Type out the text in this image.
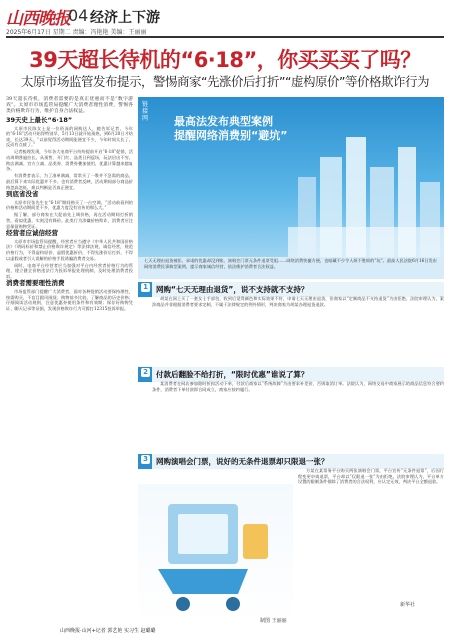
山西晚报
04 经济上下游
2025年6月17日 星期二 责编：冯艳艳 美编：王丽丽
39天超长待机的“6·18”，你买买买了吗？
太原市场监管发布提示，警惕商家“先涨价后打折”“虚构原价”等价格欺诈行为
39天超长待机，消费者需要的是真正优惠而不是“数字游戏”。太原市市场监管局提醒广大消费者理性消费，警惕各类价格欺诈行为，维护自身合法权益。
39天史上最长“6·18”

太原市民陈女士是一位资深的网购达人，她告诉记者，今年的“6·18”活动开始得特别早，5月13日就开始预热，到6月20日才结束，长达39天。“以前觉得活动期间能便宜不少，今年时间太长了，反而有点疲了。”

记者梳理发现，今年各大电商平台纷纷提前开启“6·18”促销，活动周期普遍拉长，从预售、开门红、品类日到返场，玩法层出不穷。跨店满减、官方立减、品类券、消费券叠加使用，优惠计算越来越复杂。

有消费者表示，为了凑单满减，常常买了一堆并不急需的商品，最后算下来实际优惠并不多。也有消费者反映，活动期间部分商品价格忽高忽低，难以判断是否真正便宜。

到底省没省

太原市民张先生在“6·18”期间购买了一台空调，“活动前看到的价格和活动期间差不多，优惠力度没有宣传的那么大。”

据了解，部分商家在大促前先上调价格，再在活动期间打折销售，看似优惠，实则没有降价。此类行为涉嫌价格欺诈，消费者应注意保留购物凭证。

经营者应诚信经营

太原市市场监管局提醒，经营者应当遵守《中华人民共和国价格法》《明码标价和禁止价格欺诈规定》等法律法规，诚信经营，规范价格行为，不得虚构原价、虚假优惠折价，不得先涨价后打折，不得以虚假或者引人误解的价格手段诱骗消费者交易。

同时，电商平台经营者应当加强对平台内经营者价格行为的管理，建立健全价格违法行为投诉举报处理机制，及时处理消费者投诉。

消费者需要理性消费

市场监管部门提醒广大消费者，面对各种促销活动要保持理性，按需购买，不盲目跟风囤货；购物前多比较，了解商品的历史价格；仔细阅读活动规则，注意优惠券使用条件和有效期；保存好购物凭证、聊天记录等证据，发现价格欺诈行为可拨打12315投诉举报。

山西晚报·山河+记者 郭艺艳 实习生 赵璐璐
链接网 最高法发布典型案例
提醒网络消费别“避坑”
七天无理由退货被拒、承诺的优惠却没到账、演唱会门票无条件退票受阻……网络消费快捷方便，也暗藏不少令人烦不胜烦的“坑”。最高人民法院6月16日发布网络消费民事典型案例，提示商家诚信经营，依法维护消费者合法权益。
1	网购“七天无理由退货”，说不支持就不支持？

胡某在网上买了一套女士手部包，收到后觉得颜色和实际效果不符，申请七天无理由退货，但商家以“定制商品不支持退货”为由拒绝。法院审理认为，案涉商品并非根据消费者要求定制，不属于法律规定的例外情形，判决商家为胡某办理退货退款。

2	付款后翻脸不给打折，“限时优惠”谁说了算？

某消费者在网店参加限时折扣活动下单，付款后商家以“系统故障”为由要求补差价，否则取消订单。法院认为，网络交易中商家展示的商品信息符合要约条件，消费者下单付款即合同成立，商家应按约履行。

3	网购演唱会门票，说好的无条件退票却只限退一张？

方某在某票务平台购买两张演唱会门票，平台宣传“无条件退票”，后因行程变更申请退票，平台却以“仅限退一张”为由拒绝。法院审理认为，平台单方设置的限制条件排除了消费者的合法权利，应认定无效，判决平台全额退款。

制图 王丽丽
新华社
